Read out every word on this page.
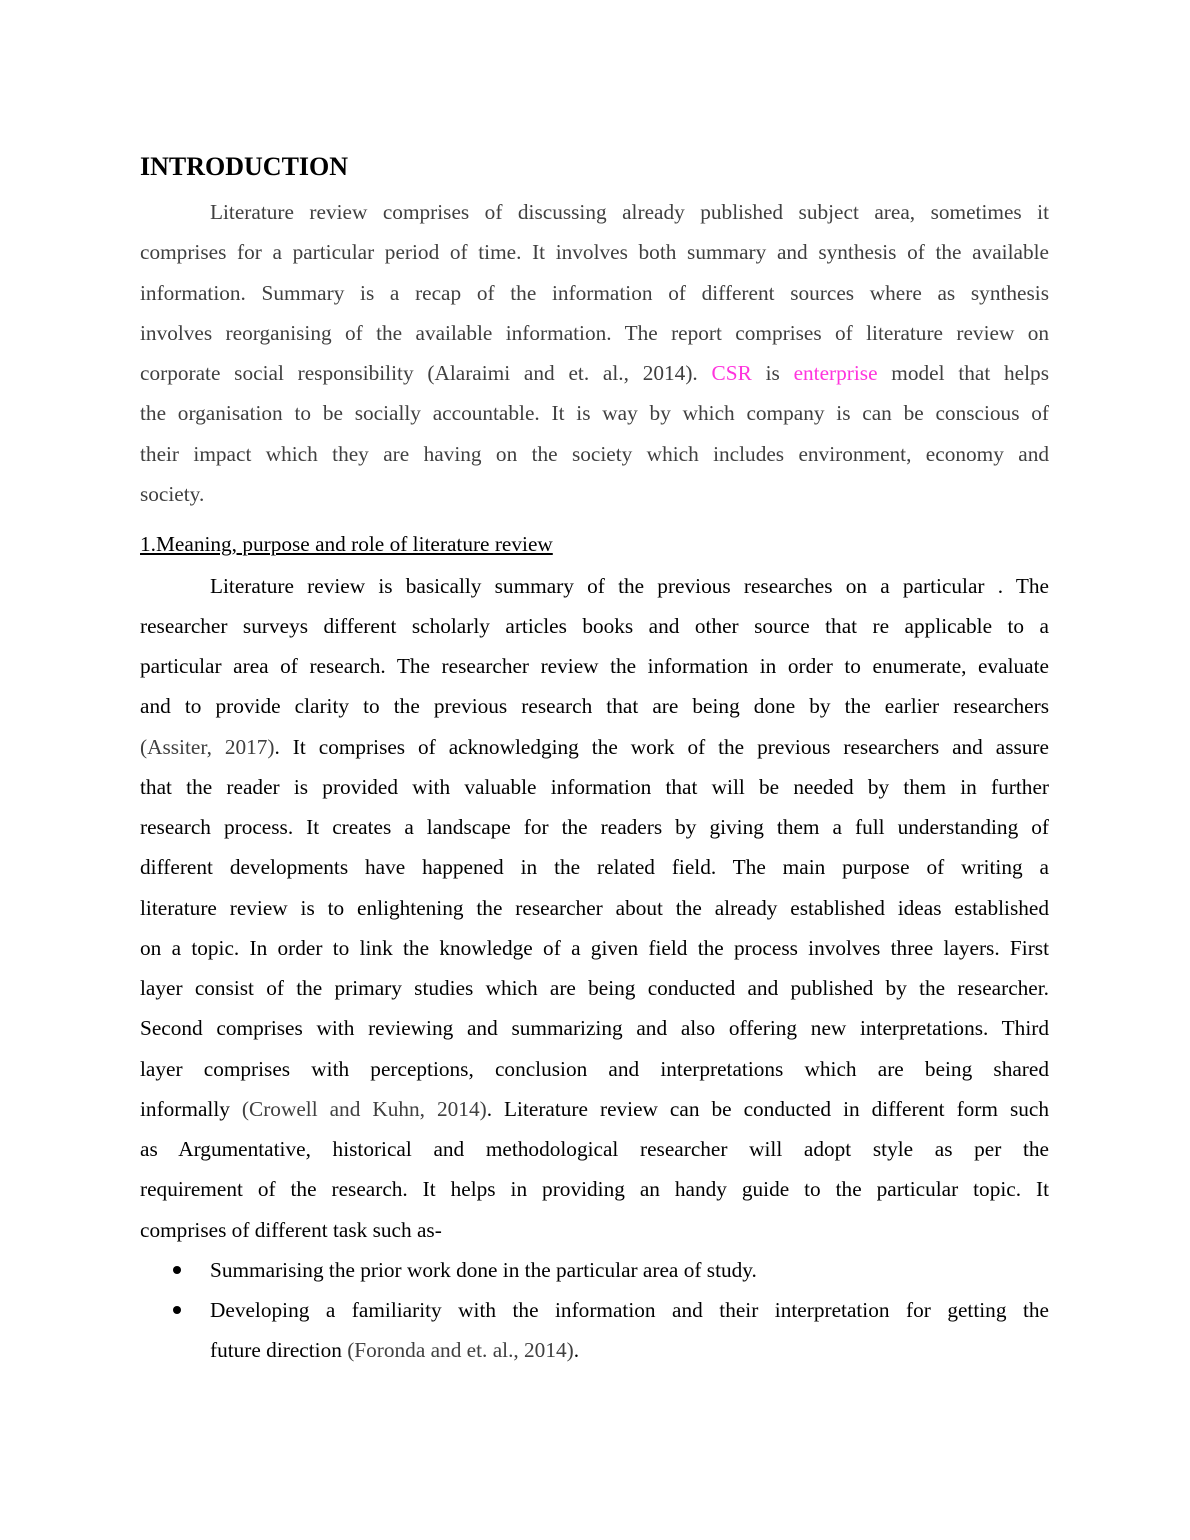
INTRODUCTION
Literature review comprises of discussing already published subject area, sometimes it
comprises for a particular period of time. It involves both summary and synthesis of the available
information. Summary is a recap of the information of different sources where as synthesis
involves reorganising of the available information. The report comprises of literature review on
corporate social responsibility (Alaraimi and et. al., 2014). CSR is enterprise model that helps
the organisation to be socially accountable. It is way by which company is can be conscious of
their impact which they are having on the society which includes environment, economy and
society.
1.Meaning, purpose and role of literature review
Literature review is basically summary of the previous researches on a particular . The
researcher surveys different scholarly articles books and other source that re applicable to a
particular area of research. The researcher review the information in order to enumerate, evaluate
and to provide clarity to the previous research that are being done by the earlier researchers
(Assiter, 2017). It comprises of acknowledging the work of the previous researchers and assure
that the reader is provided with valuable information that will be needed by them in further
research process. It creates a landscape for the readers by giving them a full understanding of
different developments have happened in the related field. The main purpose of writing a
literature review is to enlightening the researcher about the already established ideas established
on a topic. In order to link the knowledge of a given field the process involves three layers. First
layer consist of the primary studies which are being conducted and published by the researcher.
Second comprises with reviewing and summarizing and also offering new interpretations. Third
layer comprises with perceptions, conclusion and interpretations which are being shared
informally (Crowell and Kuhn, 2014). Literature review can be conducted in different form such
as Argumentative, historical and methodological researcher will adopt style as per the
requirement of the research. It helps in providing an handy guide to the particular topic. It
comprises of different task such as-
Summarising the prior work done in the particular area of study.
Developing a familiarity with the information and their interpretation for getting the
future direction (Foronda and et. al., 2014).
